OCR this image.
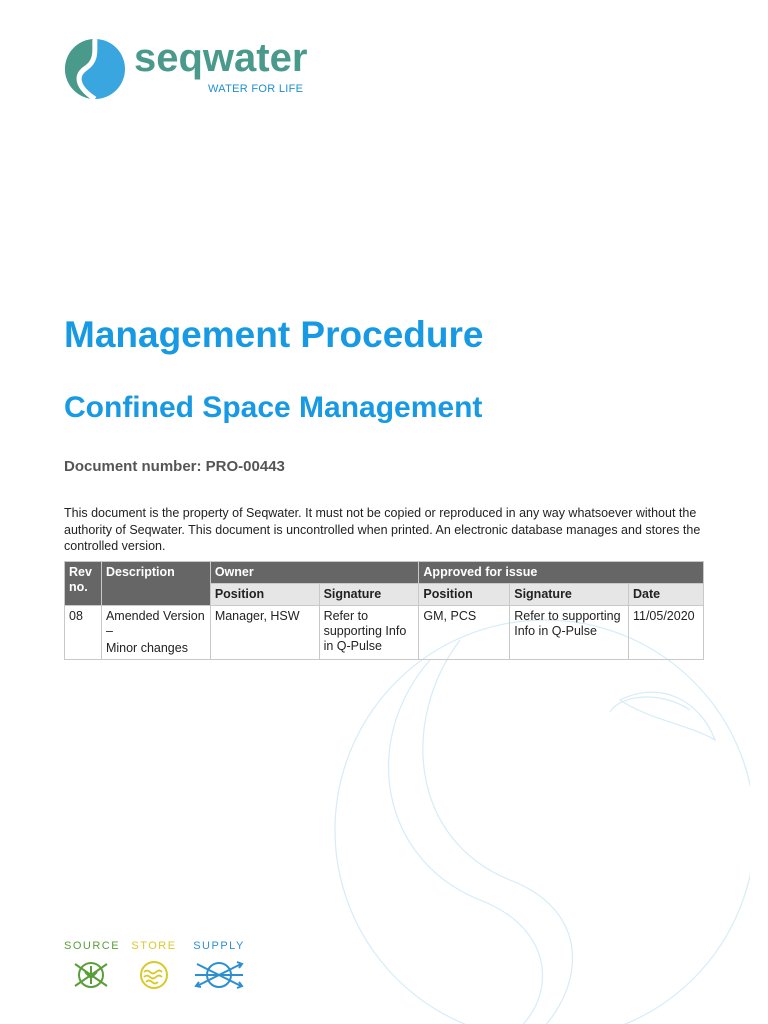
seqwater
WATER FOR LIFE
Management Procedure
Confined Space Management
Document number: PRO-00443

This document is the property of Seqwater. It must not be copied or reproduced in any way whatsoever without the authority of Seqwater. This document is uncontrolled when printed. An electronic database manages and stores the controlled version.

Rev no.	Description	Owner		Approved for issue		
		Position	Signature	Position	Signature	Date
08	Amended Version –
Minor changes	Manager, HSW	Refer to supporting Info in Q-Pulse	GM, PCS	Refer to supporting Info in Q-Pulse	11/05/2020
SOURCE STORE SUPPLY
